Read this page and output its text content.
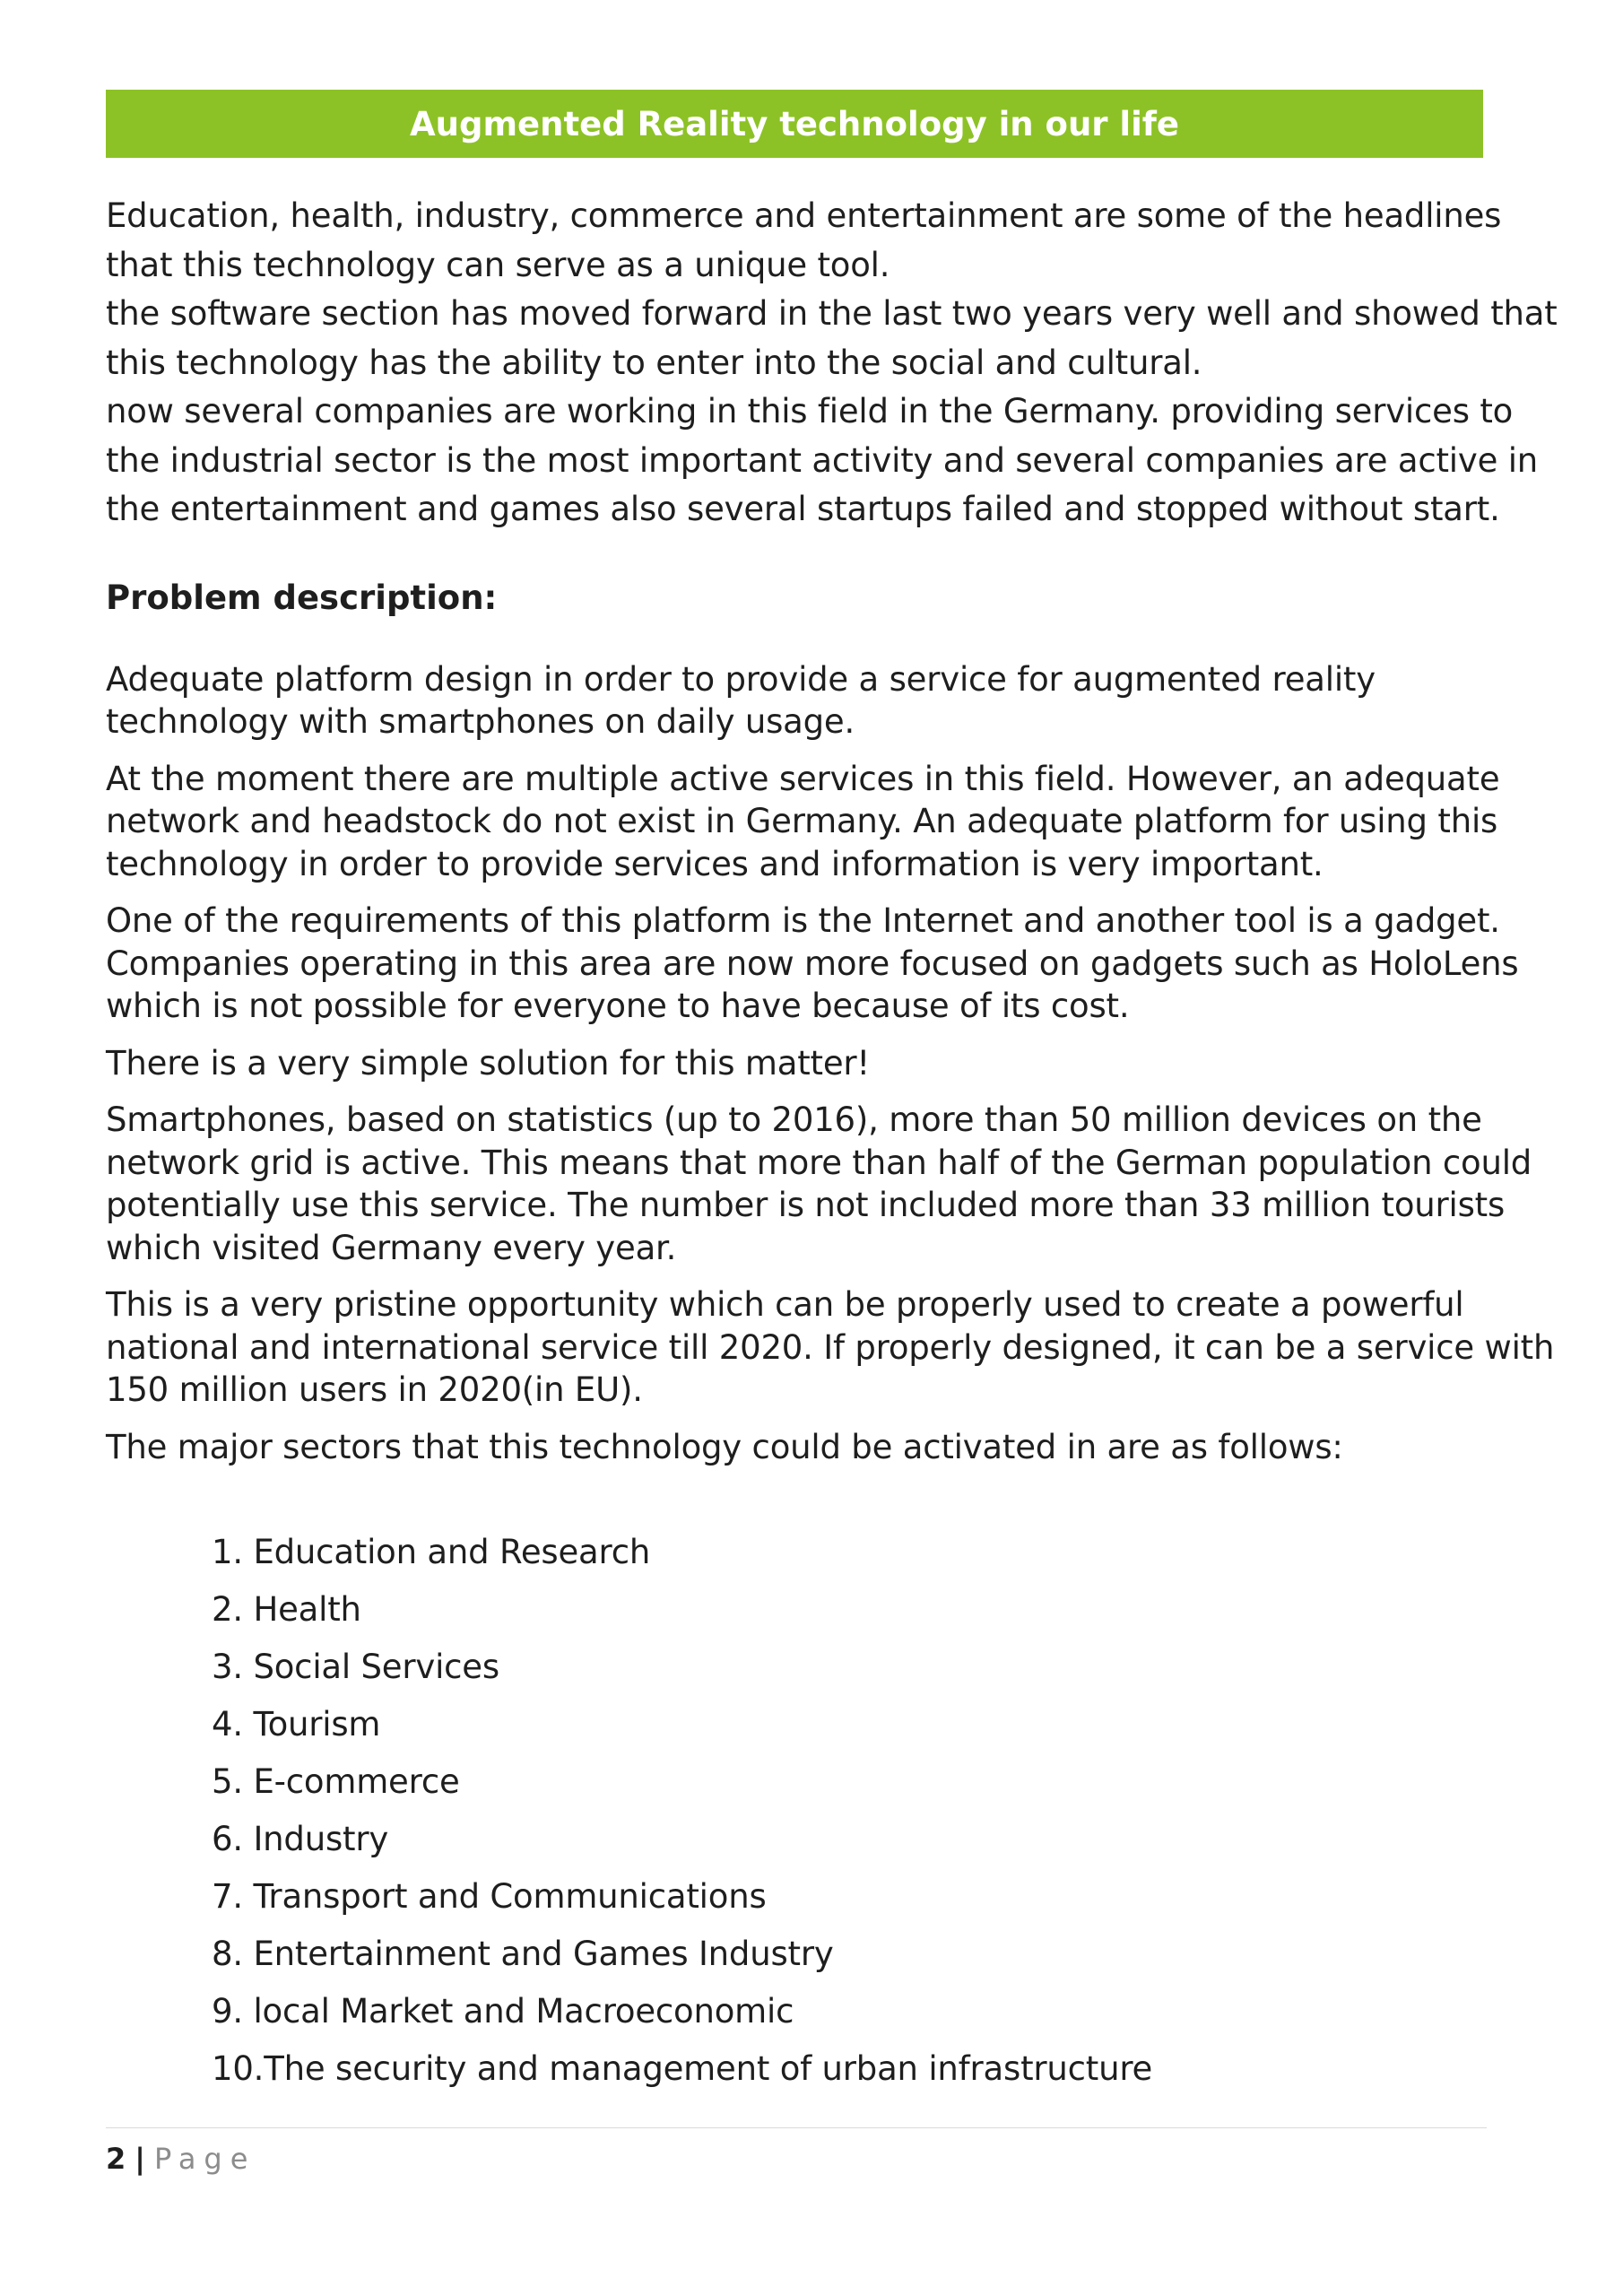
Augmented Reality technology in our life
Education, health, industry, commerce and entertainment are some of the headlines
that this technology can serve as a unique tool.
the software section has moved forward in the last two years very well and showed that
this technology has the ability to enter into the social and cultural.
now several companies are working in this field in the Germany. providing services to
the industrial sector is the most important activity and several companies are active in
the entertainment and games also several startups failed and stopped without start.
Problem description:

Adequate platform design in order to provide a service for augmented reality
technology with smartphones on daily usage.

At the moment there are multiple active services in this field. However, an adequate
network and headstock do not exist in Germany. An adequate platform for using this
technology in order to provide services and information is very important.

One of the requirements of this platform is the Internet and another tool is a gadget.
Companies operating in this area are now more focused on gadgets such as HoloLens
which is not possible for everyone to have because of its cost.

There is a very simple solution for this matter!

Smartphones, based on statistics (up to 2016), more than 50 million devices on the
network grid is active. This means that more than half of the German population could
potentially use this service. The number is not included more than 33 million tourists
which visited Germany every year.

This is a very pristine opportunity which can be properly used to create a powerful
national and international service till 2020. If properly designed, it can be a service with
150 million users in 2020(in EU).

The major sectors that this technology could be activated in are as follows:

1. Education and Research
2. Health
3. Social Services
4. Tourism
5. E-commerce
6. Industry
7. Transport and Communications
8. Entertainment and Games Industry
9. local Market and Macroeconomic
10.The security and management of urban infrastructure
2 | Page
